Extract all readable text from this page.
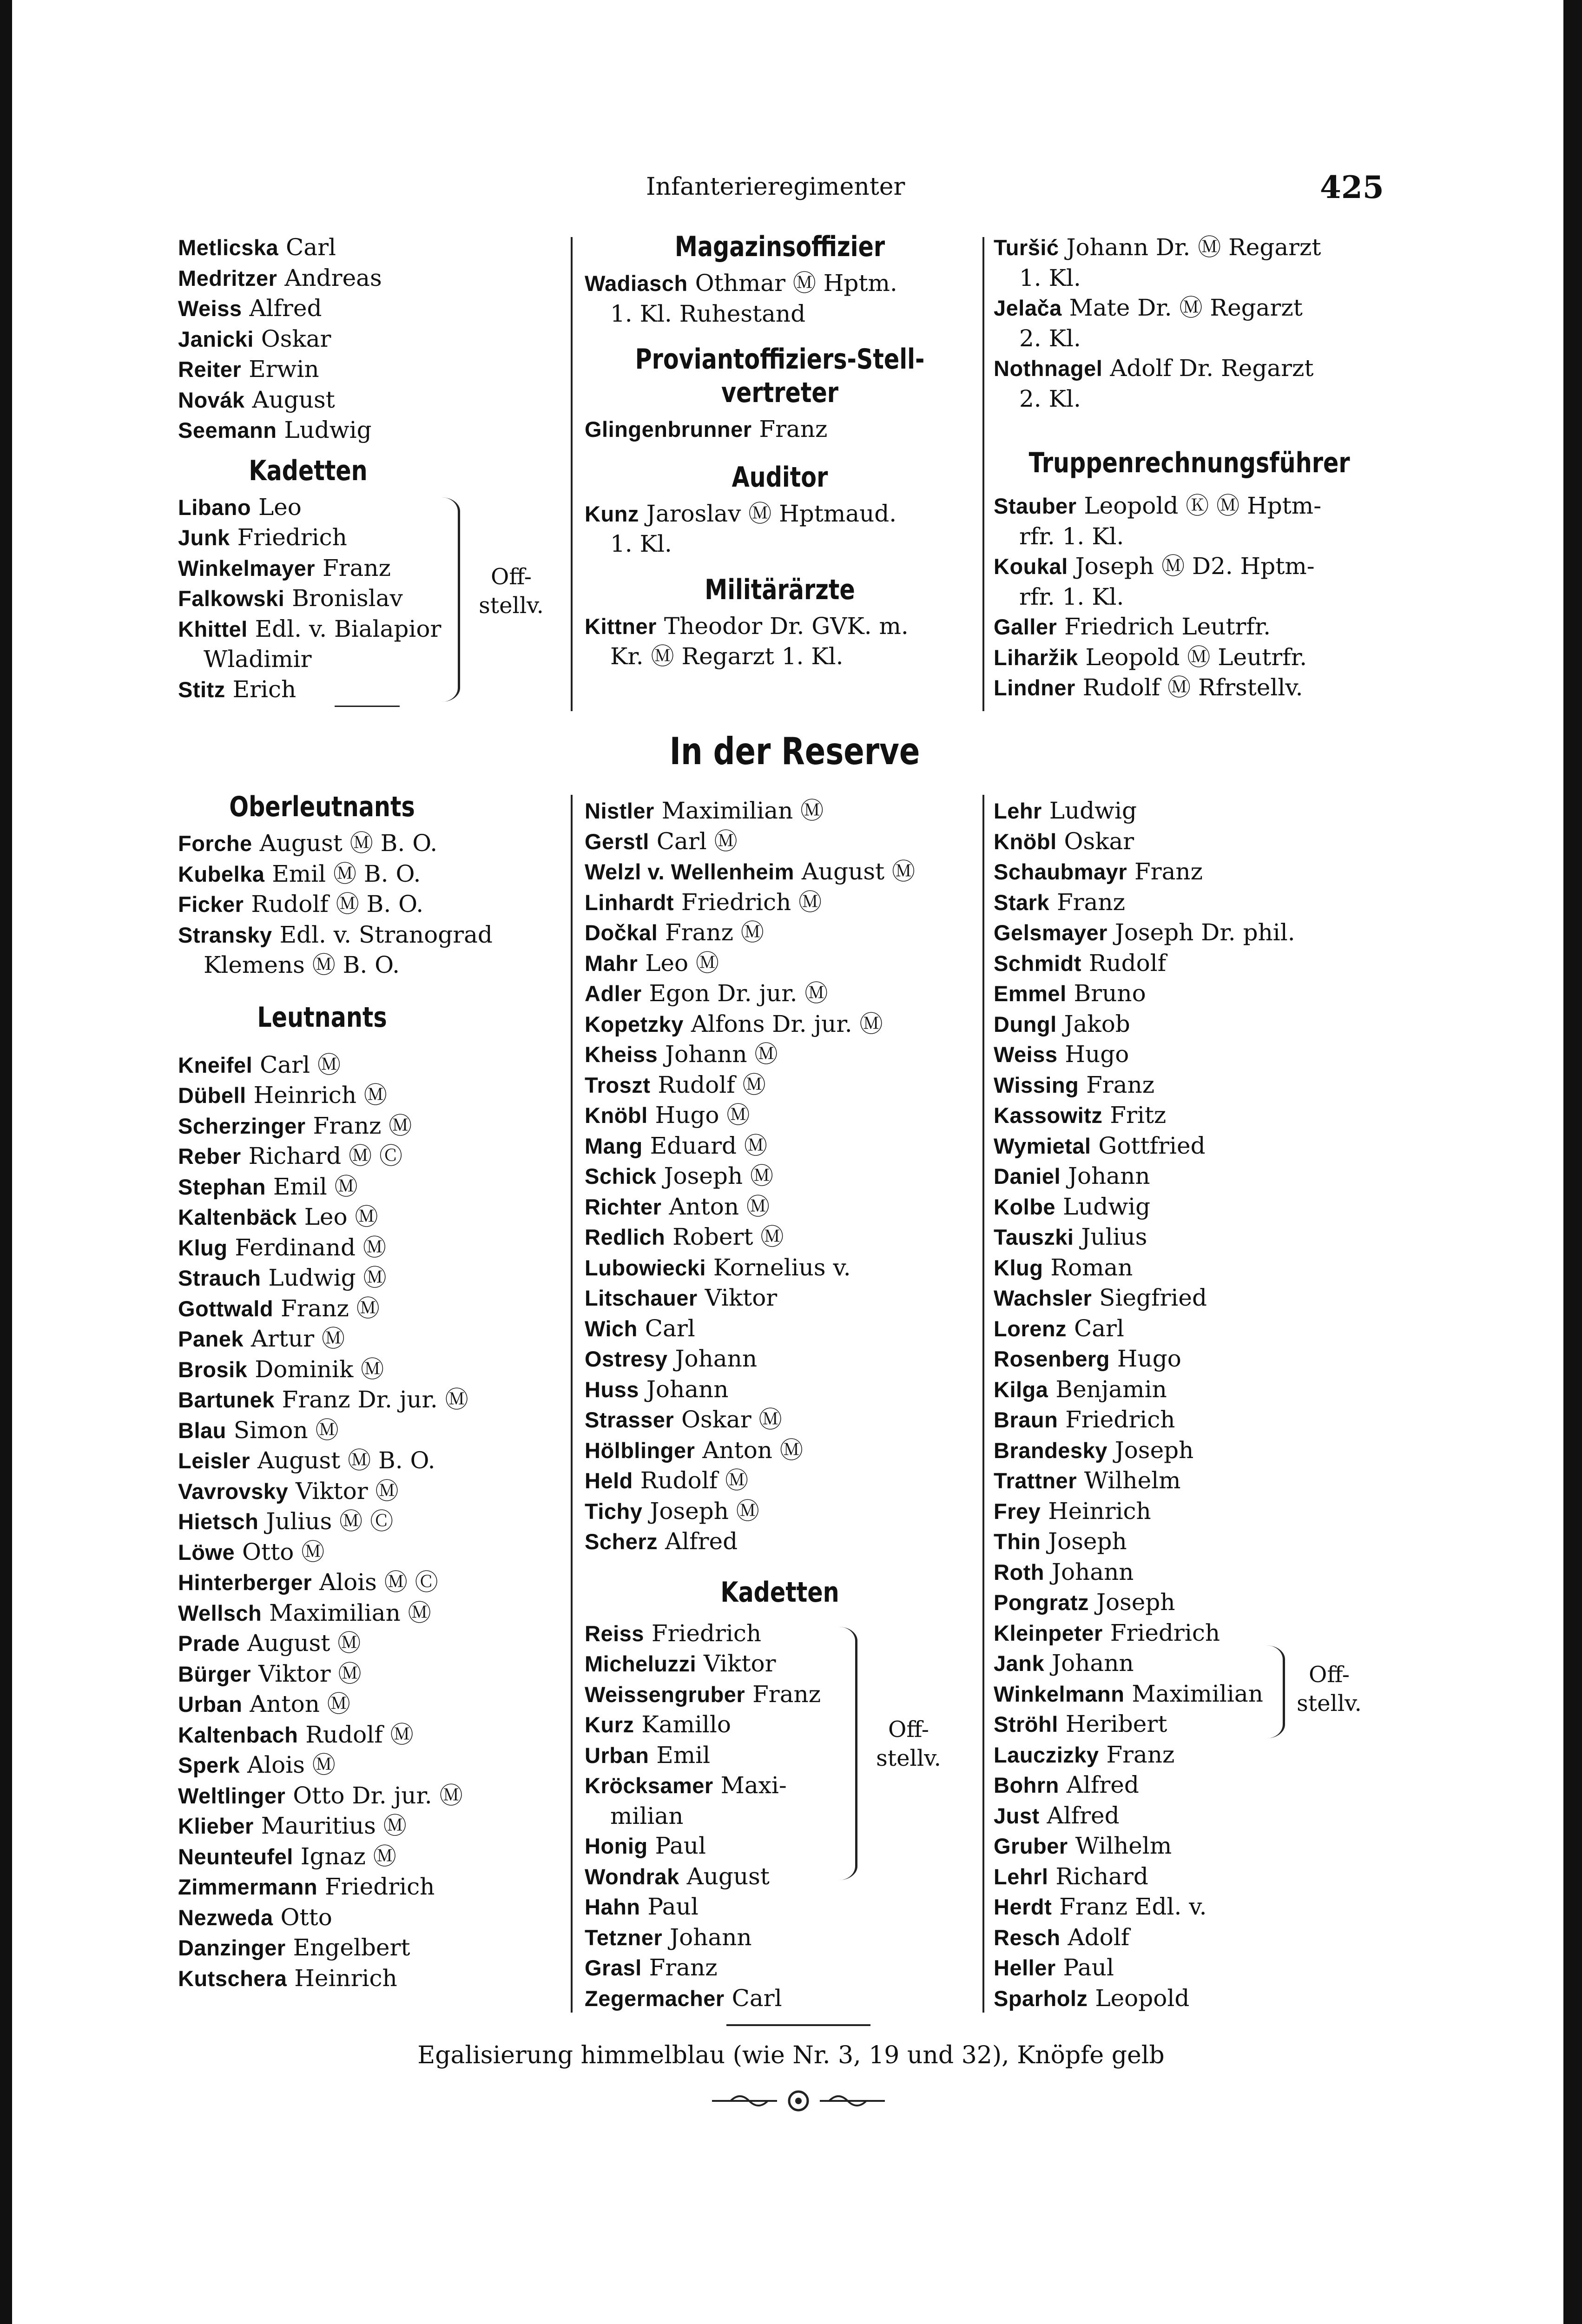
Infanterieregimenter	425
Metlicska Carl
Medritzer Andreas
Weiss Alfred
Janicki Oskar
Reiter Erwin
Novák August
Seemann Ludwig
Kadetten
Libano Leo
Junk Friedrich
Winkelmayer Franz
Falkowski Bronislav
Khittel Edl. v. Bialapior
Wladimir
Stitz Erich
Off-
stellv.
Oberleutnants
Forche August Ⓜ B. O.
Kubelka Emil Ⓜ B. O.
Ficker Rudolf Ⓜ B. O.
Stransky Edl. v. Stranograd
Klemens Ⓜ B. O.
Leutnants
Kneifel Carl Ⓜ
Dübell Heinrich Ⓜ
Scherzinger Franz Ⓜ
Reber Richard Ⓜ Ⓒ
Stephan Emil Ⓜ
Kaltenbäck Leo Ⓜ
Klug Ferdinand Ⓜ
Strauch Ludwig Ⓜ
Gottwald Franz Ⓜ
Panek Artur Ⓜ
Brosik Dominik Ⓜ
Bartunek Franz Dr. jur. Ⓜ
Blau Simon Ⓜ
Leisler August Ⓜ B. O.
Vavrovsky Viktor Ⓜ
Hietsch Julius Ⓜ Ⓒ
Löwe Otto Ⓜ
Hinterberger Alois Ⓜ Ⓒ
Wellsch Maximilian Ⓜ
Prade August Ⓜ
Bürger Viktor Ⓜ
Urban Anton Ⓜ
Kaltenbach Rudolf Ⓜ
Sperk Alois Ⓜ
Weltlinger Otto Dr. jur. Ⓜ
Klieber Mauritius Ⓜ
Neunteufel Ignaz Ⓜ
Zimmermann Friedrich
Nezweda Otto
Danzinger Engelbert
Kutschera Heinrich
Magazinsoffizier
Wadiasch Othmar Ⓜ Hptm.
1. Kl. Ruhestand
Proviantoffiziers-Stell-
vertreter
Glingenbrunner Franz
Auditor
Kunz Jaroslav Ⓜ Hptmaud.
1. Kl.
Militärärzte
Kittner Theodor Dr. GVK. m.
Kr. Ⓜ Regarzt 1. Kl.
Turšić Johann Dr. Ⓜ Regarzt
1. Kl.
Jelača Mate Dr. Ⓜ Regarzt
2. Kl.
Nothnagel Adolf Dr. Regarzt
2. Kl.
Truppenrechnungsführer
Stauber Leopold Ⓚ Ⓜ Hptm-
rfr. 1. Kl.
Koukal Joseph Ⓜ D2. Hptm-
rfr. 1. Kl.
Galler Friedrich Leutrfr.
Liharžik Leopold Ⓜ Leutrfr.
Lindner Rudolf Ⓜ Rfrstellv.
In der Reserve
Nistler Maximilian Ⓜ
Gerstl Carl Ⓜ
Welzl v. Wellenheim August Ⓜ
Linhardt Friedrich Ⓜ
Dočkal Franz Ⓜ
Mahr Leo Ⓜ
Adler Egon Dr. jur. Ⓜ
Kopetzky Alfons Dr. jur. Ⓜ
Kheiss Johann Ⓜ
Troszt Rudolf Ⓜ
Knöbl Hugo Ⓜ
Mang Eduard Ⓜ
Schick Joseph Ⓜ
Richter Anton Ⓜ
Redlich Robert Ⓜ
Lubowiecki Kornelius v.
Litschauer Viktor
Wich Carl
Ostresy Johann
Huss Johann
Strasser Oskar Ⓜ
Hölblinger Anton Ⓜ
Held Rudolf Ⓜ
Tichy Joseph Ⓜ
Scherz Alfred
Kadetten
Reiss Friedrich
Micheluzzi Viktor
Weissengruber Franz
Kurz Kamillo
Urban Emil
Kröcksamer Maxi-
milian
Honig Paul
Wondrak August
Hahn Paul
Tetzner Johann
Grasl Franz
Zegermacher Carl
Off-
stellv.
Lehr Ludwig
Knöbl Oskar
Schaubmayr Franz
Stark Franz
Gelsmayer Joseph Dr. phil.
Schmidt Rudolf
Emmel Bruno
Dungl Jakob
Weiss Hugo
Wissing Franz
Kassowitz Fritz
Wymietal Gottfried
Daniel Johann
Kolbe Ludwig
Tauszki Julius
Klug Roman
Wachsler Siegfried
Lorenz Carl
Rosenberg Hugo
Kilga Benjamin
Braun Friedrich
Brandesky Joseph
Trattner Wilhelm
Frey Heinrich
Thin Joseph
Roth Johann
Pongratz Joseph
Kleinpeter Friedrich
Jank Johann
Winkelmann Maximilian
Ströhl Heribert
Lauczizky Franz
Bohrn Alfred
Just Alfred
Gruber Wilhelm
Lehrl Richard
Herdt Franz Edl. v.
Resch Adolf
Heller Paul
Sparholz Leopold
Off-
stellv.
Egalisierung himmelblau (wie Nr. 3, 19 und 32), Knöpfe gelb
